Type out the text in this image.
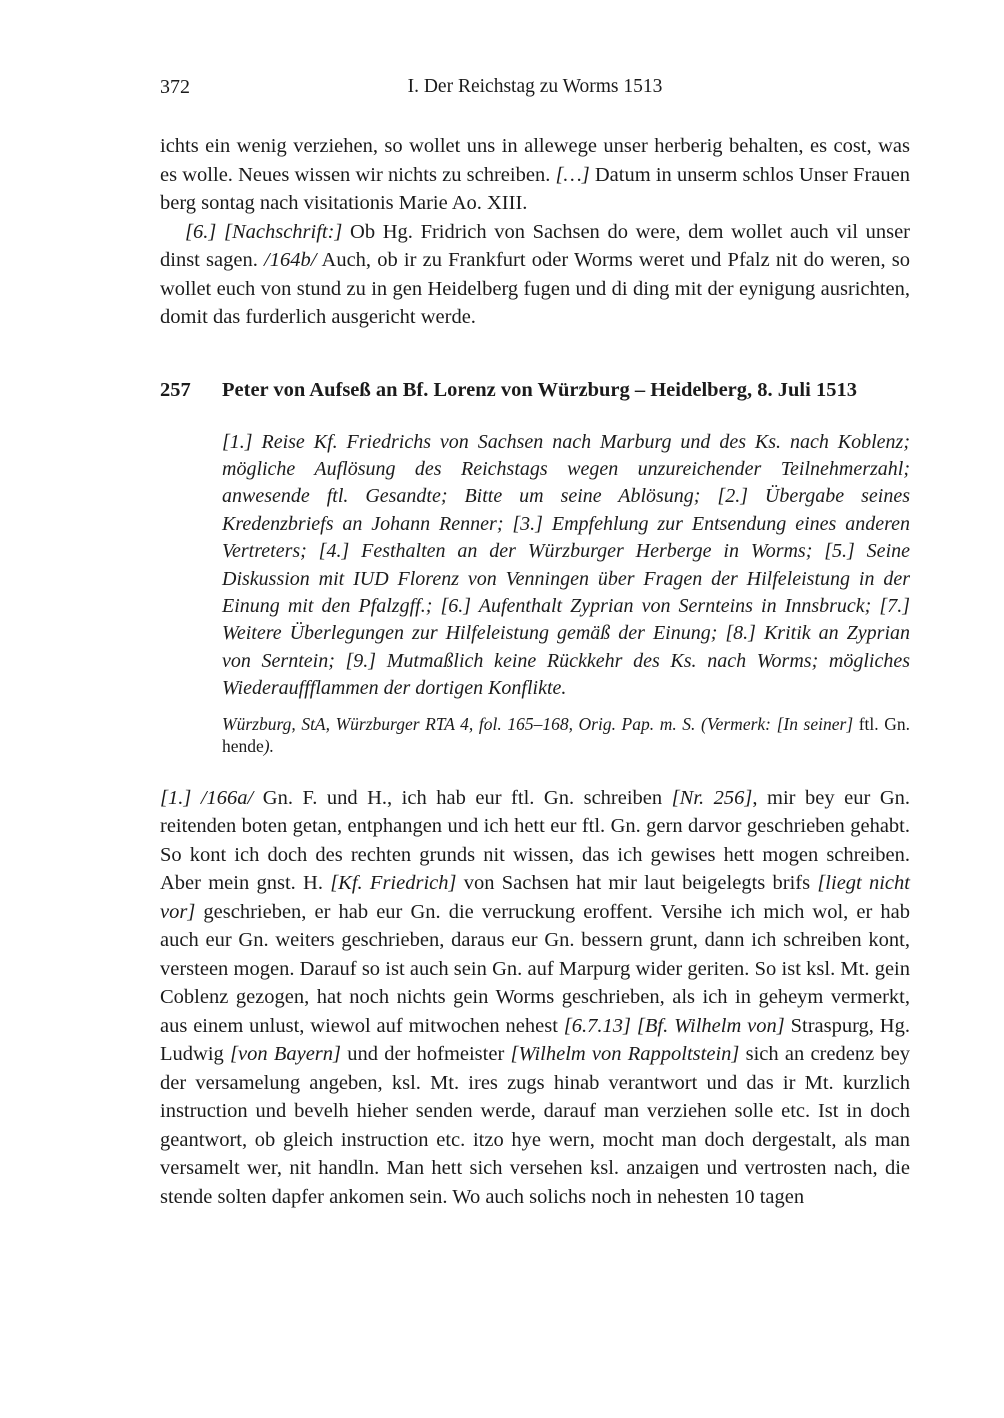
372	I. Der Reichstag zu Worms 1513

ichts ein wenig verziehen, so wollet uns in allewege unser herberig behalten, es cost, was es wolle. Neues wissen wir nichts zu schreiben. […] Datum in unserm schlos Unser Frauen berg sontag nach visitationis Marie Ao. XIII.

[6.] [Nachschrift:] Ob Hg. Fridrich von Sachsen do were, dem wollet auch vil unser dinst sagen. /164b/ Auch, ob ir zu Frankfurt oder Worms weret und Pfalz nit do weren, so wollet euch von stund zu in gen Heidelberg fugen und di ding mit der eynigung ausrichten, domit das furderlich ausgericht werde.

257 Peter von Aufseß an Bf. Lorenz von Würzburg – Heidelberg, 8. Juli 1513

[1.] Reise Kf. Friedrichs von Sachsen nach Marburg und des Ks. nach Koblenz; mögliche Auflösung des Reichstags wegen unzureichender Teilnehmerzahl; anwesende ftl. Gesandte; Bitte um seine Ablösung; [2.] Übergabe seines Kredenzbriefs an Johann Renner; [3.] Empfehlung zur Entsendung eines anderen Vertreters; [4.] Festhalten an der Würzburger Herberge in Worms; [5.] Seine Diskussion mit IUD Florenz von Venningen über Fragen der Hilfeleistung in der Einung mit den Pfalzgff.; [6.] Aufenthalt Zyprian von Sernteins in Innsbruck; [7.] Weitere Überlegungen zur Hilfeleistung gemäß der Einung; [8.] Kritik an Zyprian von Serntein; [9.] Mutmaßlich keine Rückkehr des Ks. nach Worms; mögliches Wiederauffflammen der dortigen Konflikte.

Würzburg, StA, Würzburger RTA 4, fol. 165–168, Orig. Pap. m. S. (Vermerk: [In seiner] ftl. Gn. hende).

[1.] /166a/ Gn. F. und H., ich hab eur ftl. Gn. schreiben [Nr. 256], mir bey eur Gn. reitenden boten getan, entphangen und ich hett eur ftl. Gn. gern darvor geschrieben gehabt. So kont ich doch des rechten grunds nit wissen, das ich gewises hett mogen schreiben. Aber mein gnst. H. [Kf. Friedrich] von Sachsen hat mir laut beigelegts brifs [liegt nicht vor] geschrieben, er hab eur Gn. die verruckung eroffent. Versihe ich mich wol, er hab auch eur Gn. weiters geschrieben, daraus eur Gn. bessern grunt, dann ich schreiben kont, versteen mogen. Darauf so ist auch sein Gn. auf Marpurg wider geriten. So ist ksl. Mt. gein Coblenz gezogen, hat noch nichts gein Worms geschrieben, als ich in geheym vermerkt, aus einem unlust, wiewol auf mitwochen nehest [6.7.13] [Bf. Wilhelm von] Straspurg, Hg. Ludwig [von Bayern] und der hofmeister [Wilhelm von Rappoltstein] sich an credenz bey der versamelung angeben, ksl. Mt. ires zugs hinab verantwort und das ir Mt. kurzlich instruction und bevelh hieher senden werde, darauf man verziehen solle etc. Ist in doch geantwort, ob gleich instruction etc. itzo hye wern, mocht man doch dergestalt, als man versamelt wer, nit handln. Man hett sich versehen ksl. anzaigen und vertrosten nach, die stende solten dapfer ankomen sein. Wo auch solichs noch in nehesten 10 tagen
